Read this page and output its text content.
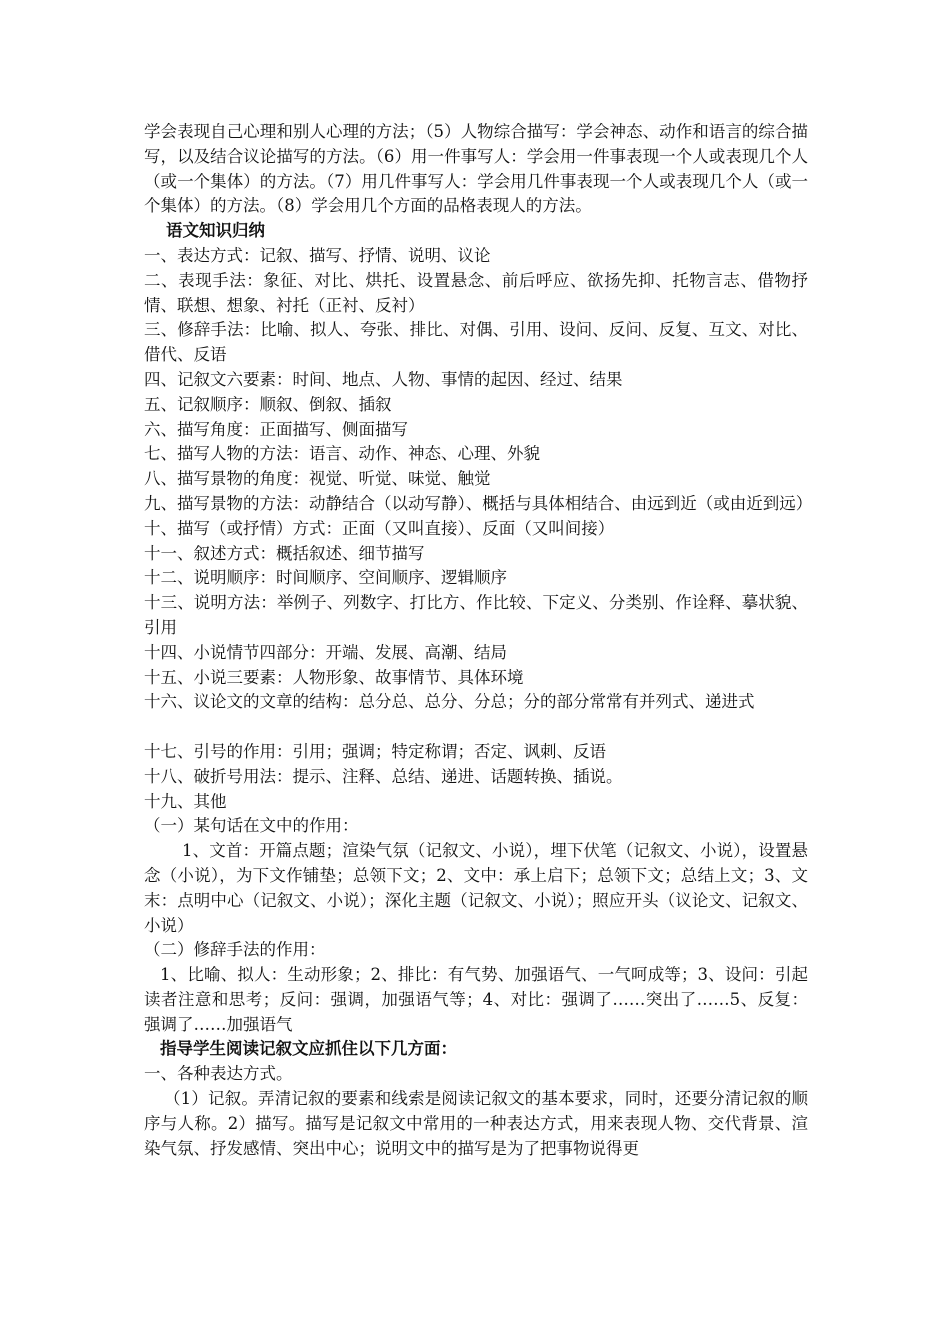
学会表现自己心理和别人心理的方法；（5）人物综合描写：学会神态、动作和语言的综合描写，以及结合议论描写的方法。（6）用一件事写人：学会用一件事表现一个人或表现几个人（或一个集体）的方法。（7）用几件事写人：学会用几件事表现一个人或表现几个人（或一个集体）的方法。（8）学会用几个方面的品格表现人的方法。

语文知识归纳

一、表达方式：记叙、描写、抒情、说明、议论

二、表现手法：象征、对比、烘托、设置悬念、前后呼应、欲扬先抑、托物言志、借物抒情、联想、想象、衬托（正衬、反衬）

三、修辞手法：比喻、拟人、夸张、排比、对偶、引用、设问、反问、反复、互文、对比、借代、反语

四、记叙文六要素：时间、地点、人物、事情的起因、经过、结果

五、记叙顺序：顺叙、倒叙、插叙

六、描写角度：正面描写、侧面描写

七、描写人物的方法：语言、动作、神态、心理、外貌

八、描写景物的角度：视觉、听觉、味觉、触觉

九、描写景物的方法：动静结合（以动写静）、概括与具体相结合、由远到近（或由近到远）

十、描写（或抒情）方式：正面（又叫直接）、反面（又叫间接）

十一、叙述方式：概括叙述、细节描写

十二、说明顺序：时间顺序、空间顺序、逻辑顺序

十三、说明方法：举例子、列数字、打比方、作比较、下定义、分类别、作诠释、摹状貌、引用

十四、小说情节四部分：开端、发展、高潮、结局

十五、小说三要素：人物形象、故事情节、具体环境

十六、议论文的文章的结构：总分总、总分、分总；分的部分常常有并列式、递进式

十七、引号的作用：引用；强调；特定称谓；否定、讽刺、反语

十八、破折号用法：提示、注释、总结、递进、话题转换、插说。

十九、其他

（一）某句话在文中的作用：

1、文首：开篇点题；渲染气氛（记叙文、小说），埋下伏笔（记叙文、小说），设置悬念（小说），为下文作铺垫；总领下文；2、文中：承上启下；总领下文；总结上文；3、文末：点明中心（记叙文、小说）；深化主题（记叙文、小说）；照应开头（议论文、记叙文、小说）

（二）修辞手法的作用：

1、比喻、拟人：生动形象；2、排比：有气势、加强语气、一气呵成等；3、设问：引起读者注意和思考；反问：强调，加强语气等；4、对比：强调了……突出了……5、反复：强调了……加强语气

指导学生阅读记叙文应抓住以下几方面：

一、各种表达方式。

（1）记叙。弄清记叙的要素和线索是阅读记叙文的基本要求，同时，还要分清记叙的顺序与人称。2）描写。描写是记叙文中常用的一种表达方式，用来表现人物、交代背景、渲染气氛、抒发感情、突出中心；说明文中的描写是为了把事物说得更
